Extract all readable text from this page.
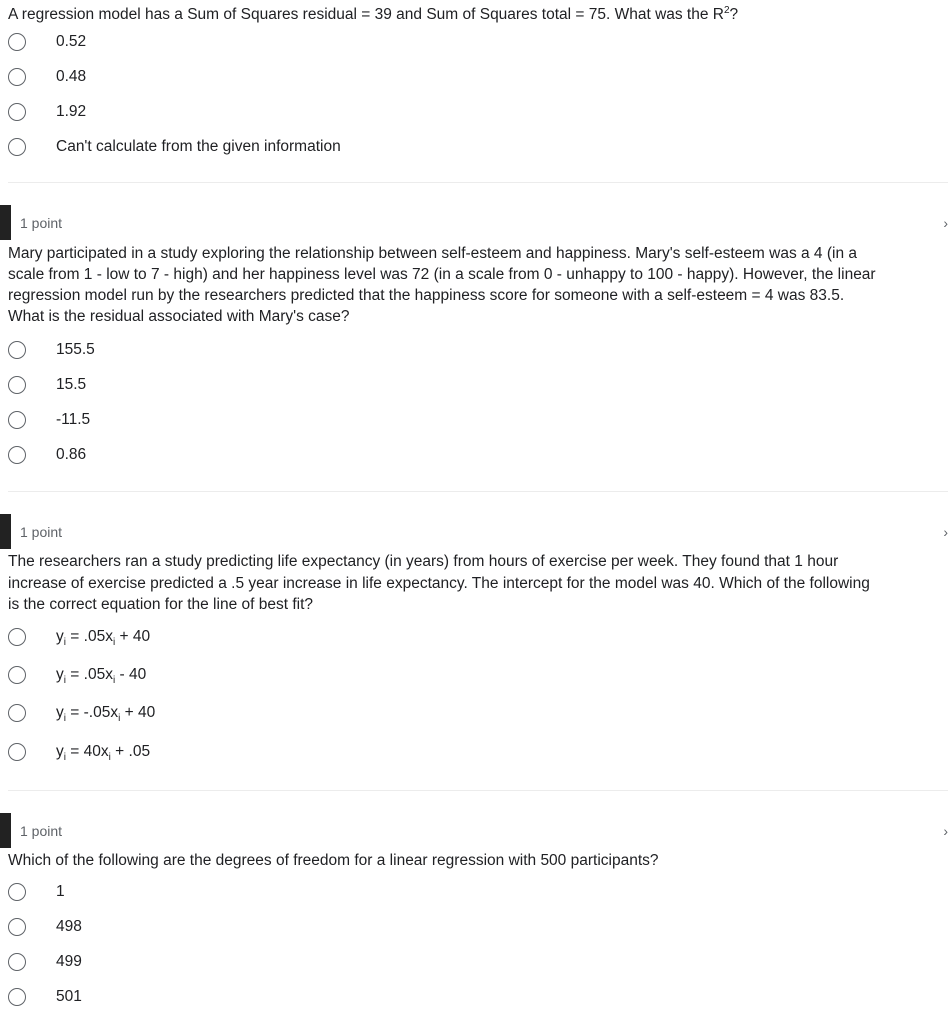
A regression model has a Sum of Squares residual = 39 and Sum of Squares total = 75. What was the $R^2$?
0.52
0.48
1.92
Can't calculate from the given information
1 point	›
Mary participated in a study exploring the relationship between self-esteem and happiness. Mary's self-esteem was a 4 (in a
scale from 1 - low to 7 - high) and her happiness level was 72 (in a scale from 0 - unhappy to 100 - happy). However, the linear
regression model run by the researchers predicted that the happiness score for someone with a self-esteem = 4 was 83.5.
What is the residual associated with Mary's case?
155.5
15.5
-11.5
0.86
1 point	›
The researchers ran a study predicting life expectancy (in years) from hours of exercise per week. They found that 1 hour
increase of exercise predicted a .5 year increase in life expectancy. The intercept for the model was 40. Which of the following
is the correct equation for the line of best fit?
$y_i = .05x_i + 40$
$y_i = .05x_i - 40$
$y_i = -.05x_i + 40$
$y_i = 40x_i + .05$
1 point	›
Which of the following are the degrees of freedom for a linear regression with 500 participants?
1
498
499
501
